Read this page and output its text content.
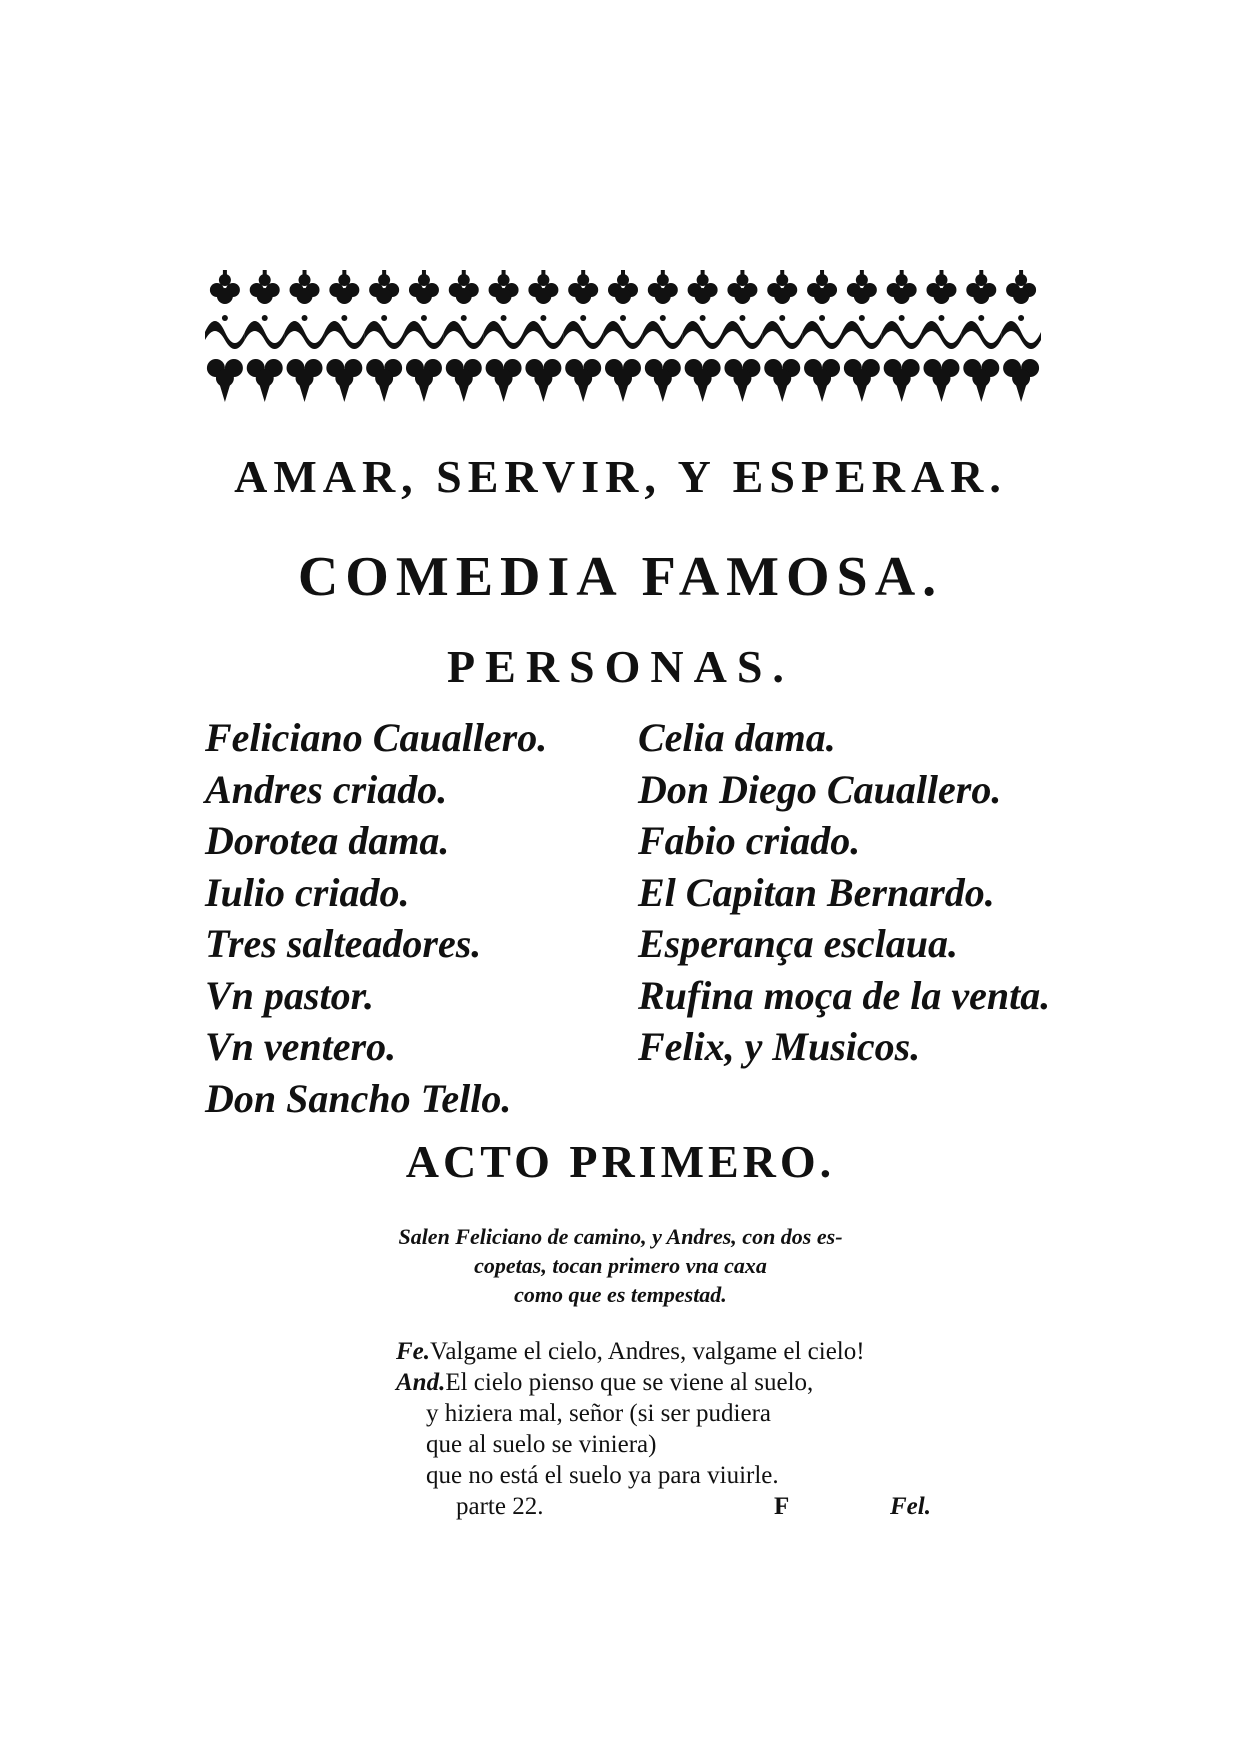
AMAR, SERVIR, Y ESPERAR.
COMEDIA FAMOSA.
PERSONAS.
Feliciano Cauallero.
Andres criado.
Dorotea dama.
Iulio criado.
Tres salteadores.
Vn pastor.
Vn ventero.
Don Sancho Tello.
Celia dama.
Don Diego Cauallero.
Fabio criado.
El Capitan Bernardo.
Esperança esclaua.
Rufina moça de la venta.
Felix, y Musicos.
ACTO PRIMERO.
Salen Feliciano de camino, y Andres, con dos es-
copetas, tocan primero vna caxa
como que es tempestad.
Fe.Valgame el cielo, Andres, valgame el cielo!
And.El cielo pienso que se viene al suelo,
y hiziera mal, señor (si ser pudiera
que al suelo se viniera)
que no está el suelo ya para viuirle.
parte 22.	F	Fel.
